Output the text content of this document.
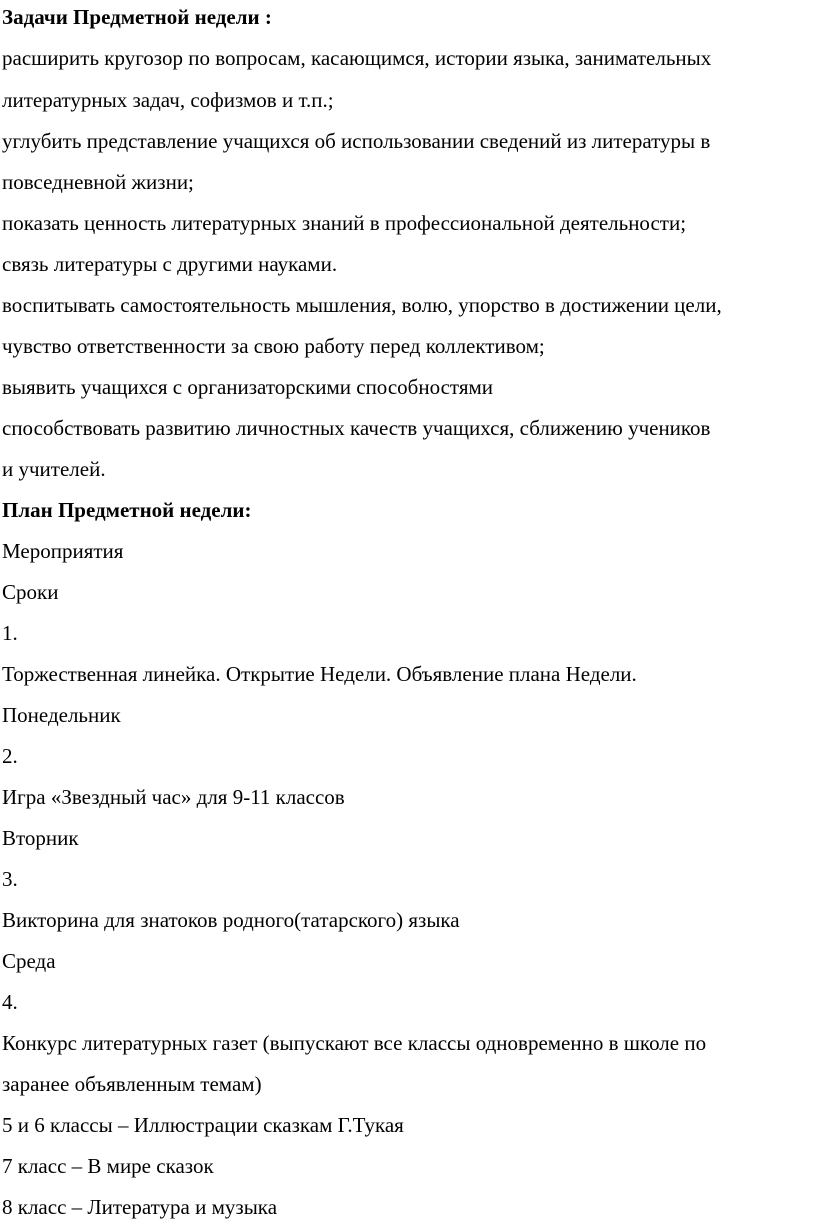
Задачи Предметной недели :
расширить кругозор по вопросам, касающимся, истории языка, занимательных
литературных задач, софизмов и т.п.;
углубить представление учащихся об использовании сведений из литературы в
повседневной жизни;
показать ценность литературных знаний в профессиональной деятельности;
связь литературы с другими науками.
воспитывать самостоятельность мышления, волю, упорство в достижении цели,
чувство ответственности за свою работу перед коллективом;
выявить учащихся с организаторскими способностями
способствовать развитию личностных качеств учащихся, сближению учеников
и учителей.
План Предметной недели:
Мероприятия
Сроки
1.
Торжественная линейка. Открытие Недели. Объявление плана Недели.
Понедельник
2.
Игра «Звездный час» для 9-11 классов
Вторник
3.
Викторина для знатоков родного(татарского) языка
Среда
4.
Конкурс литературных газет (выпускают все классы одновременно в школе по
заранее объявленным темам)
5 и 6 классы – Иллюстрации сказкам Г.Тукая
7 класс – В мире сказок
8 класс – Литература и музыка
